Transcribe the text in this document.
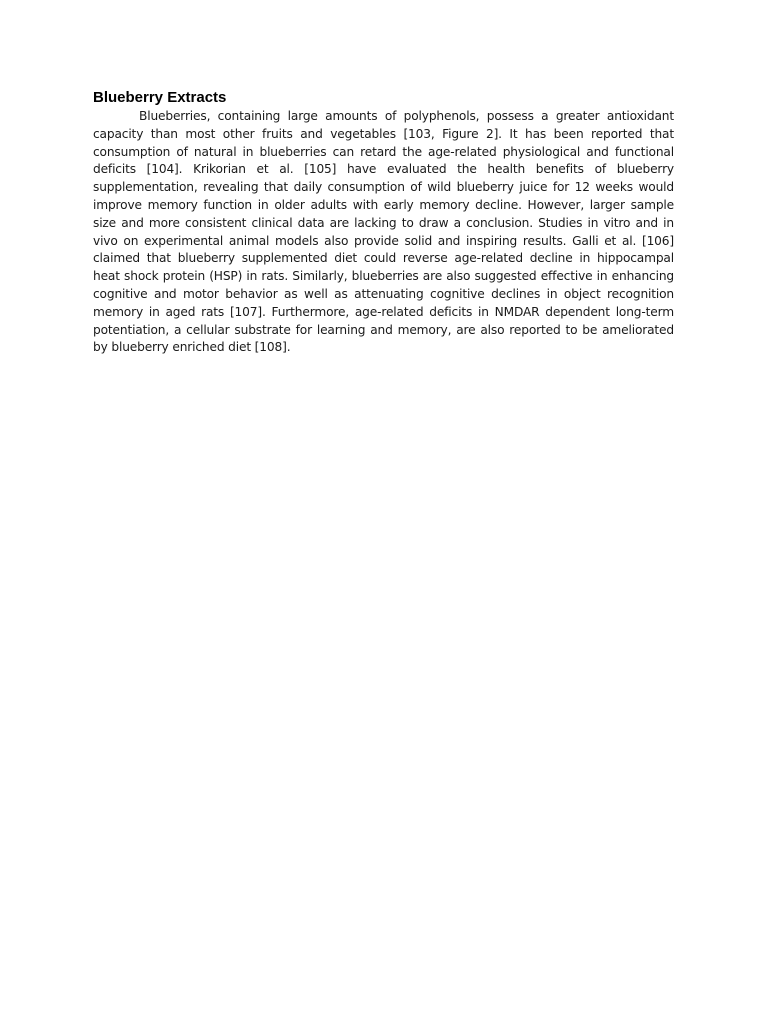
Blueberry Extracts

Blueberries, containing large amounts of polyphenols, possess a greater antioxidant capacity than most other fruits and vegetables [103, Figure 2]. It has been reported that consumption of natural in blueberries can retard the age-related physiological and functional deficits [104]. Krikorian et al. [105] have evaluated the health benefits of blueberry supplementation, revealing that daily consumption of wild blueberry juice for 12 weeks would improve memory function in older adults with early memory decline. However, larger sample size and more consistent clinical data are lacking to draw a conclusion. Studies in vitro and in vivo on experimental animal models also provide solid and inspiring results. Galli et al. [106] claimed that blueberry supplemented diet could reverse age-related decline in hippocampal heat shock protein (HSP) in rats. Similarly, blueberries are also suggested effective in enhancing cognitive and motor behavior as well as attenuating cognitive declines in object recognition memory in aged rats [107]. Furthermore, age-related deficits in NMDAR dependent long-term potentiation, a cellular substrate for learning and memory, are also reported to be ameliorated by blueberry enriched diet [108].
